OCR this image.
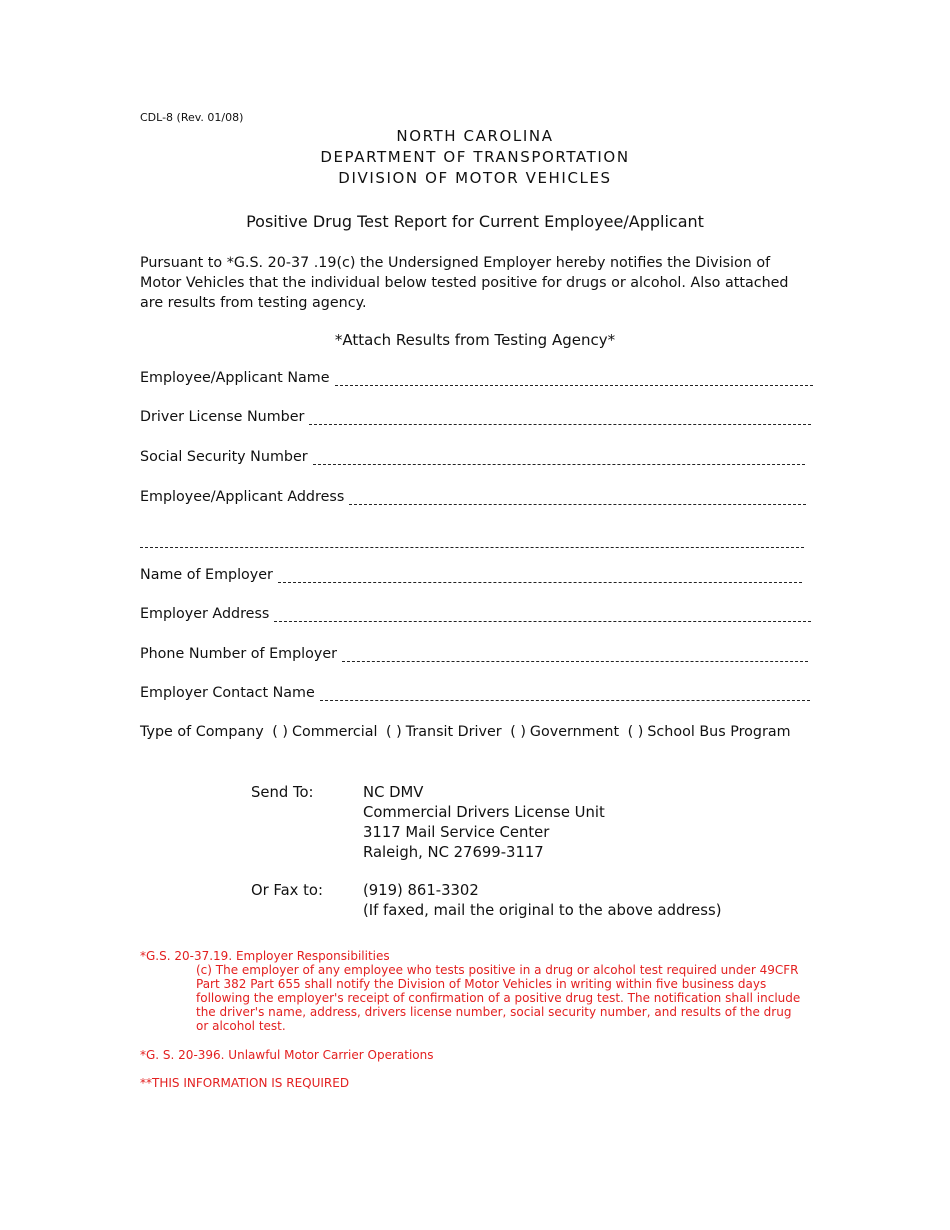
CDL-8 (Rev. 01/08)
NORTH CAROLINA
DEPARTMENT OF TRANSPORTATION
DIVISION OF MOTOR VEHICLES
Positive Drug Test Report for Current Employee/Applicant
Pursuant to *G.S. 20-37 .19(c) the Undersigned Employer hereby notifies the Division of Motor Vehicles that the individual below tested positive for drugs or alcohol. Also attached are results from testing agency.
*Attach Results from Testing Agency*
Employee/Applicant Name
Driver License Number
Social Security Number
Employee/Applicant Address
Name of Employer
Employer Address
Phone Number of Employer
Employer Contact Name
Type of Company ( ) Commercial ( ) Transit Driver ( ) Government ( ) School Bus Program
Send To:	NC DMV
Commercial Drivers License Unit
3117 Mail Service Center
Raleigh, NC 27699-3117
Or Fax to:	(919) 861-3302
(If faxed, mail the original to the above address)
*G.S. 20-37.19. Employer Responsibilities
(c) The employer of any employee who tests positive in a drug or alcohol test required under 49CFR Part 382 Part 655 shall notify the Division of Motor Vehicles in writing within five business days following the employer's receipt of confirmation of a positive drug test. The notification shall include the driver's name, address, drivers license number, social security number, and results of the drug or alcohol test.
*G. S. 20-396. Unlawful Motor Carrier Operations
**THIS INFORMATION IS REQUIRED
